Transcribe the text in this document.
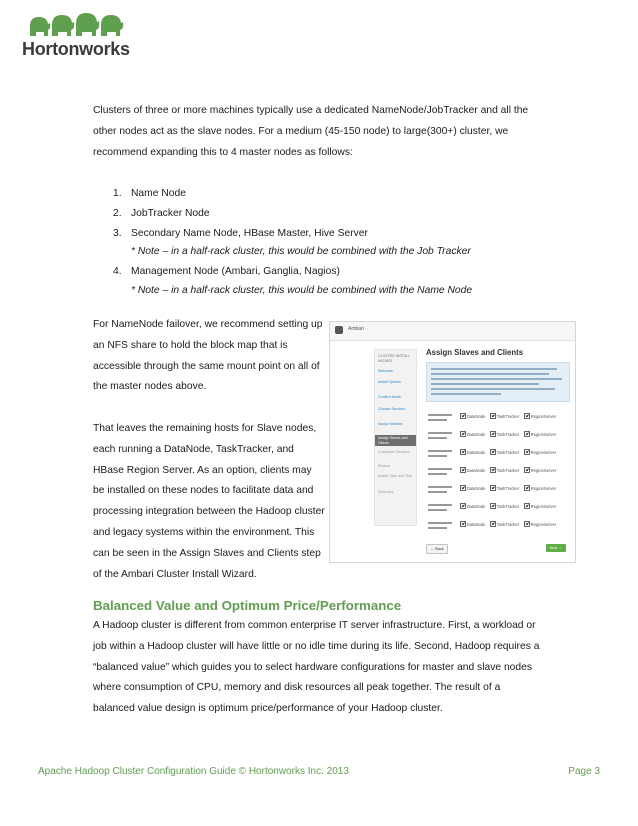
Hortonworks

Clusters of three or more machines typically use a dedicated NameNode/JobTracker and all the other nodes act as the slave nodes. For a medium (45-150 node) to large(300+) cluster, we recommend expanding this to 4 master nodes as follows:

1. Name Node
2. JobTracker Node
3. Secondary Name Node, HBase Master, Hive Server
* Note – in a half-rack cluster, this would be combined with the Job Tracker
4. Management Node (Ambari, Ganglia, Nagios)
* Note – in a half-rack cluster, this would be combined with the Name Node

For NameNode failover, we recommend setting up an NFS share to hold the block map that is accessible through the same mount point on all of the master nodes above.

That leaves the remaining hosts for Slave nodes, each running a DataNode, TaskTracker, and HBase Region Server. As an option, clients may be installed on these nodes to facilitate data and processing integration between the Hadoop cluster and legacy systems within the environment. This can be seen in the Assign Slaves and Clients step of the Ambari Cluster Install Wizard.

Ambari
CLUSTER INSTALL WIZARD
Welcome
Install Options
Confirm Hosts
Choose Services
Assign Masters
Assign Slaves and Clients
Customize Services
Review
Install, Start and Test
Summary
Assign Slaves and Clients
DataNode	TaskTracker	RegionServer
DataNode	TaskTracker	RegionServer
DataNode	TaskTracker	RegionServer
DataNode	TaskTracker	RegionServer
DataNode	TaskTracker	RegionServer
DataNode	TaskTracker	RegionServer
DataNode	TaskTracker	RegionServer
← Back	Next →
Balanced Value and Optimum Price/Performance

A Hadoop cluster is different from common enterprise IT server infrastructure. First, a workload or job within a Hadoop cluster will have little or no idle time during its life. Second, Hadoop requires a “balanced value” which guides you to select hardware configurations for master and slave nodes where consumption of CPU, memory and disk resources all peak together. The result of a balanced value design is optimum price/performance of your Hadoop cluster.

Apache Hadoop Cluster Configuration Guide © Hortonworks Inc. 2013	Page 3
